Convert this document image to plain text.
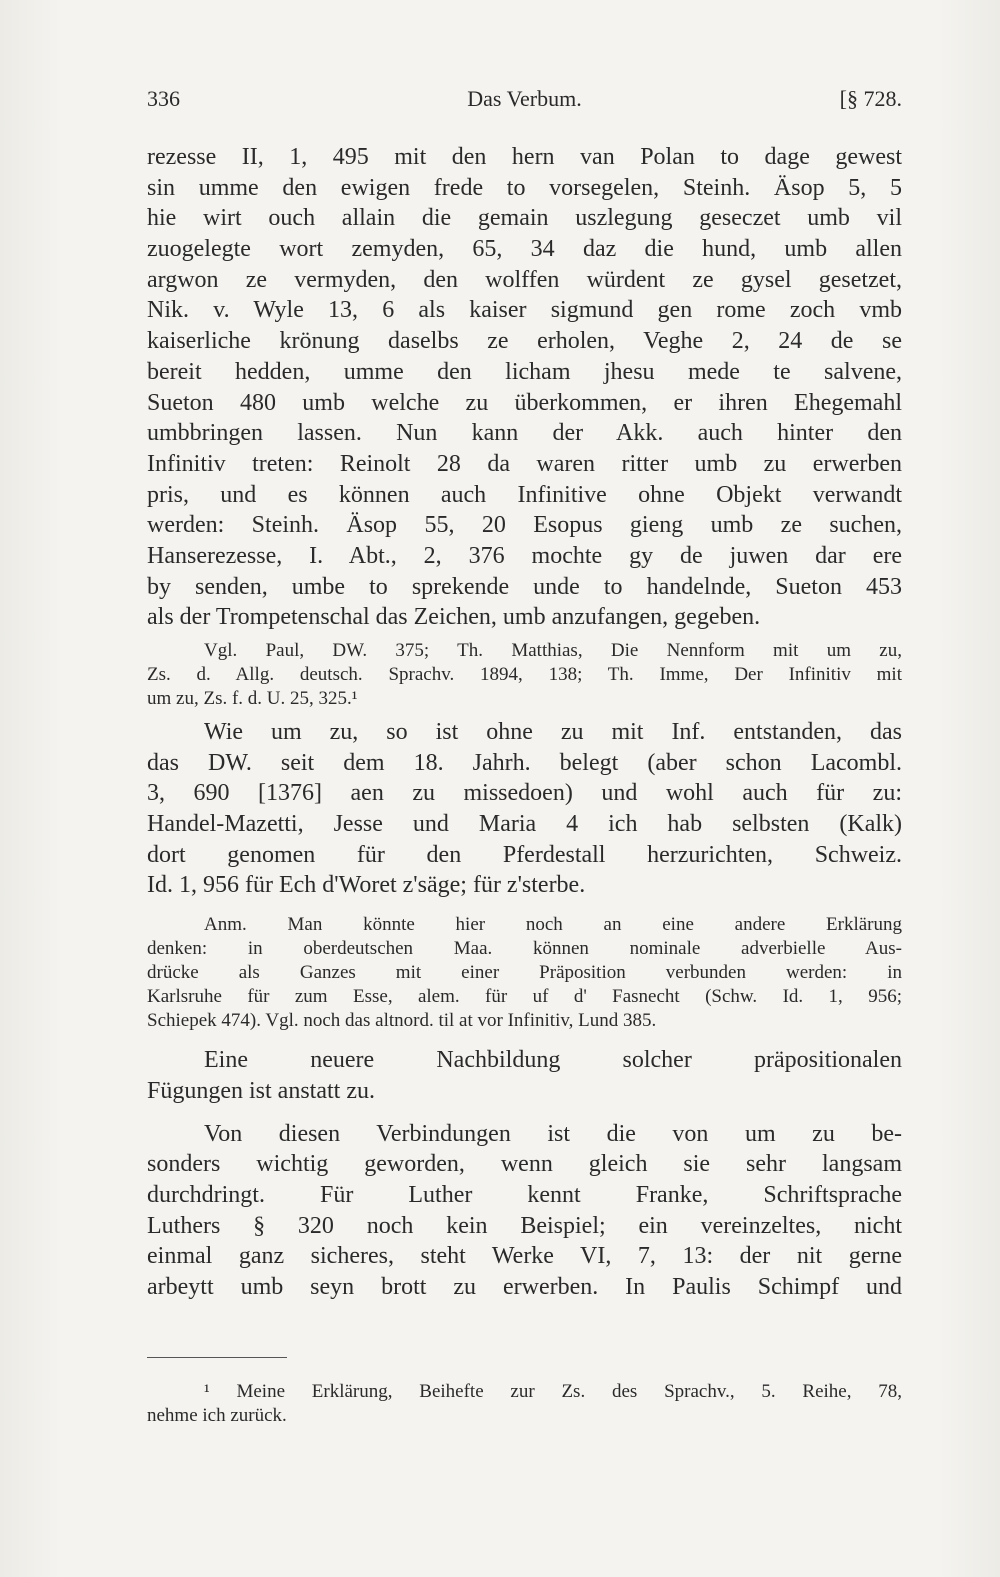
336	Das Verbum.	[§ 728.
rezesse II, 1, 495 mit den hern van Polan to dage gewest
sin umme den ewigen frede to vorsegelen, Steinh. Äsop 5, 5
hie wirt ouch allain die gemain uszlegung geseczet umb vil
zuogelegte wort zemyden, 65, 34 daz die hund, umb allen
argwon ze vermyden, den wolffen würdent ze gysel gesetzet,
Nik. v. Wyle 13, 6 als kaiser sigmund gen rome zoch vmb
kaiserliche krönung daselbs ze erholen, Veghe 2, 24 de se
bereit hedden, umme den licham jhesu mede te salvene,
Sueton 480 umb welche zu überkommen, er ihren Ehegemahl
umbbringen lassen. Nun kann der Akk. auch hinter den
Infinitiv treten: Reinolt 28 da waren ritter umb zu erwerben
pris, und es können auch Infinitive ohne Objekt verwandt
werden: Steinh. Äsop 55, 20 Esopus gieng umb ze suchen,
Hanserezesse, I. Abt., 2, 376 mochte gy de juwen dar ere
by senden, umbe to sprekende unde to handelnde, Sueton 453
als der Trompetenschal das Zeichen, umb anzufangen, gegeben.
Vgl. Paul, DW. 375; Th. Matthias, Die Nennform mit um zu,
Zs. d. Allg. deutsch. Sprachv. 1894, 138; Th. Imme, Der Infinitiv mit
um zu, Zs. f. d. U. 25, 325.¹
Wie um zu, so ist ohne zu mit Inf. entstanden, das
das DW. seit dem 18. Jahrh. belegt (aber schon Lacombl.
3, 690 [1376] aen zu missedoen) und wohl auch für zu:
Handel-Mazetti, Jesse und Maria 4 ich hab selbsten (Kalk)
dort genomen für den Pferdestall herzurichten, Schweiz.
Id. 1, 956 für Ech d'Woret z'säge; für z'sterbe.
Anm. Man könnte hier noch an eine andere Erklärung
denken: in oberdeutschen Maa. können nominale adverbielle Aus-
drücke als Ganzes mit einer Präposition verbunden werden: in
Karlsruhe für zum Esse, alem. für uf d' Fasnecht (Schw. Id. 1, 956;
Schiepek 474). Vgl. noch das altnord. til at vor Infinitiv, Lund 385.
Eine neuere Nachbildung solcher präpositionalen
Fügungen ist anstatt zu.
Von diesen Verbindungen ist die von um zu be-
sonders wichtig geworden, wenn gleich sie sehr langsam
durchdringt. Für Luther kennt Franke, Schriftsprache
Luthers § 320 noch kein Beispiel; ein vereinzeltes, nicht
einmal ganz sicheres, steht Werke VI, 7, 13: der nit gerne
arbeytt umb seyn brott zu erwerben. In Paulis Schimpf und
¹ Meine Erklärung, Beihefte zur Zs. des Sprachv., 5. Reihe, 78,
nehme ich zurück.
